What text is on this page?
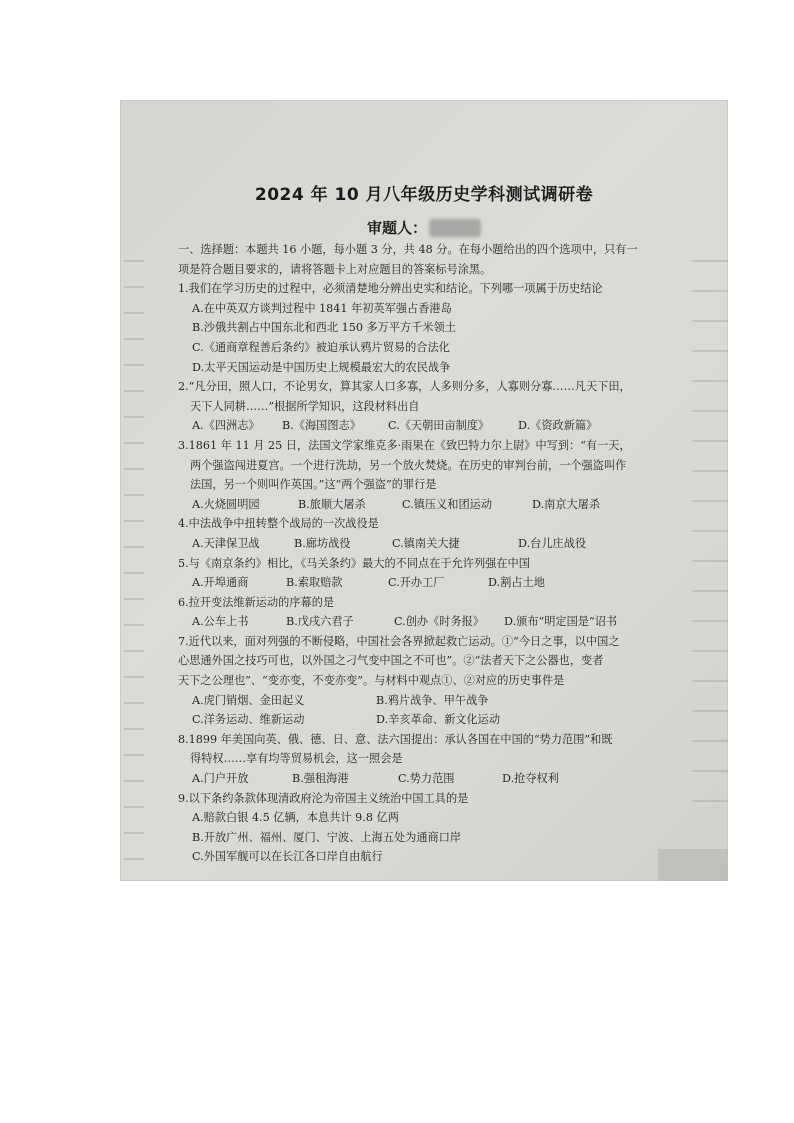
2024 年 10 月八年级历史学科测试调研卷
审题人：
一、选择题：本题共 16 小题，每小题 3 分，共 48 分。在每小题给出的四个选项中，只有一
项是符合题目要求的，请将答题卡上对应题目的答案标号涂黑。
1.我们在学习历史的过程中，必须清楚地分辨出史实和结论。下列哪一项属于历史结论
A.在中英双方谈判过程中 1841 年初英军强占香港岛
B.沙俄共割占中国东北和西北 150 多万平方千米领土
C.《通商章程善后条约》被迫承认鸦片贸易的合法化
D.太平天国运动是中国历史上规模最宏大的农民战争
2.“凡分田，照人口，不论男女，算其家人口多寡，人多则分多，人寡则分寡……凡天下田，
天下人同耕……”根据所学知识，这段材料出自
A.《四洲志》	B.《海国图志》	C.《天朝田亩制度》	D.《资政新篇》
3.1861 年 11 月 25 日，法国文学家维克多·雨果在《致巴特力尔上尉》中写到：“有一天，
两个强盗闯进夏宫。一个进行洗劫，另一个放火焚烧。在历史的审判台前，一个强盗叫作
法国，另一个则叫作英国。”这“两个强盗”的罪行是
A.火烧圆明园	B.旅顺大屠杀	C.镇压义和团运动	D.南京大屠杀
4.中法战争中扭转整个战局的一次战役是
A.天津保卫战	B.廊坊战役	C.镇南关大捷	D.台儿庄战役
5.与《南京条约》相比，《马关条约》最大的不同点在于允许列强在中国
A.开埠通商	B.索取赔款	C.开办工厂	D.割占土地
6.拉开变法维新运动的序幕的是
A.公车上书	B.戊戌六君子	C.创办《时务报》	D.颁布“明定国是”诏书
7.近代以来，面对列强的不断侵略，中国社会各界掀起救亡运动。①“今日之事，以中国之
心思通外国之技巧可也，以外国之刁气变中国之不可也”。②“法者天下之公器也，变者
天下之公理也”、“变亦变，不变亦变”。与材料中观点①、②对应的历史事件是
A.虎门销烟、金田起义	B.鸦片战争、甲午战争
C.洋务运动、维新运动	D.辛亥革命、新文化运动
8.1899 年美国向英、俄、德、日、意、法六国提出：承认各国在中国的“势力范围”和既
得特权……享有均等贸易机会，这一照会是
A.门户开放	B.强租海港	C.势力范围	D.抢夺权利
9.以下条约条款体现清政府沦为帝国主义统治中国工具的是
A.赔款白银 4.5 亿辆，本息共计 9.8 亿两
B.开放广州、福州、厦门、宁波、上海五处为通商口岸
C.外国军舰可以在长江各口岸自由航行
